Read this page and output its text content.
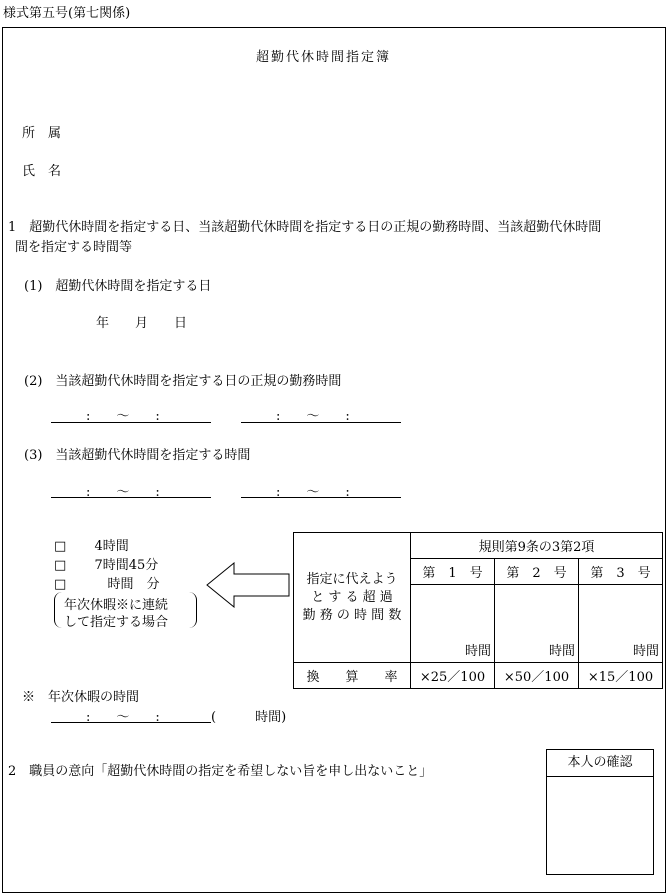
様式第五号(第七関係)
超勤代休時間指定簿
所　属
氏　名
1　超勤代休時間を指定する日、当該超勤代休時間を指定する日の正規の勤務時間、当該超勤代休時間
間を指定する時間等
(1)　超勤代休時間を指定する日
年　　月　　日
(2)　当該超勤代休時間を指定する日の正規の勤務時間
:　　～　　:	:　　～　　:
(3)　当該超勤代休時間を指定する時間
:　　～　　:	:　　～　　:
□ 4時間
□ 7時間45分
□ 　時間　分
年次休暇※に連続
して指定する場合
指定に代えよう
と す る 超 過
勤 務 の 時 間 数	規則第9条の3第2項		
	第　1　号	第　2　号	第　3　号
	時間	時間	時間
換　　算　　率	×25／100	×50／100	×15／100
※　年次休暇の時間
:　　～　　:	(　　　時間)
2　職員の意向「超勤代休時間の指定を希望しない旨を申し出ないこと」
本人の確認
